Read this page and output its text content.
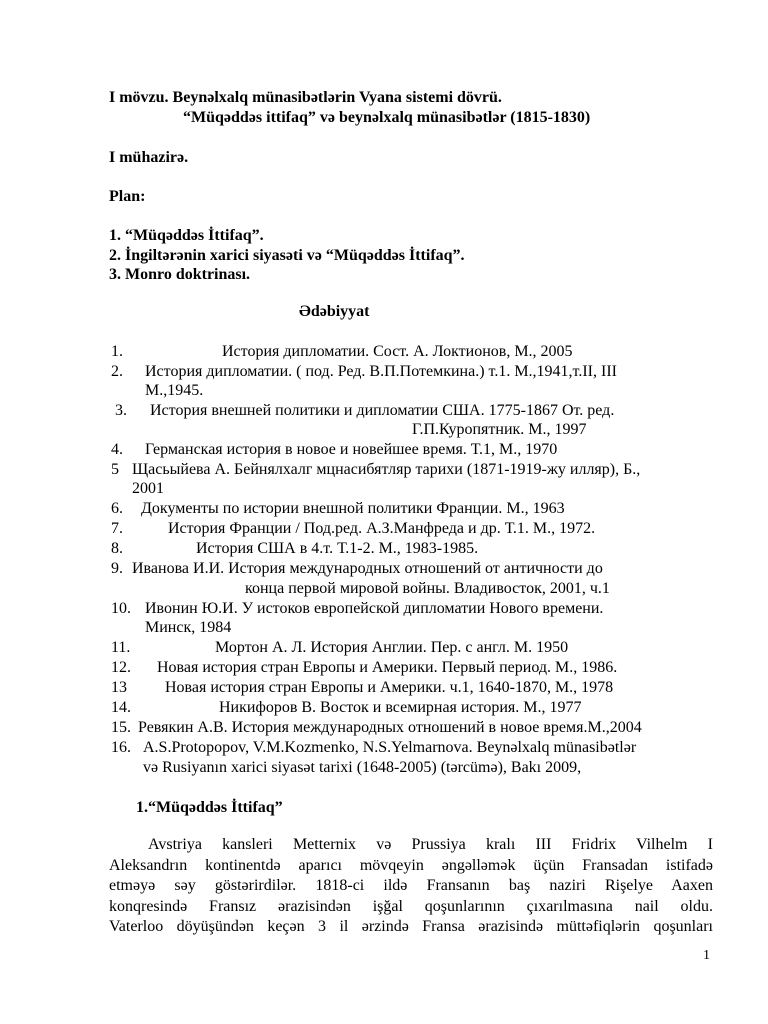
I mövzu. Beynəlxalq münasibətlərin Vyana sistemi dövrü.
“Müqəddəs ittifaq” və beynəlxalq münasibətlər (1815-1830)
I mühazirə.
Plan:
1. “Müqəddəs İttifaq”.
2. İngiltərənin xarici siyasəti və “Müqəddəs İttifaq”.
3. Monro doktrinası.
Ədəbiyyat
1.	История дипломатии. Сост. А. Локтионов, М., 2005
2. История дипломатии. ( под. Ред. В.П.Потемкина.) т.1. М.,1941,т.II, III
М.,1945.
3. История внешней политики и дипломатии США. 1775-1867 От. ред.
Г.П.Куропятник. М., 1997
4. Германская история в новое и новейшее время. Т.1, М., 1970
5 Щасьыйева А. Бейнялхалг мцнасибятляр тарихи (1871-1919-жу илляр), Б.,
2001
6. Документы по истории внешной политики Франции. М., 1963
7.	История Франции / Под.ред. А.З.Манфреда и др. Т.1. М., 1972.
8.	История США в 4.т. Т.1-2. М., 1983-1985.
9. Иванова И.И. История международных отношений от античности до
конца первой мировой войны. Владивосток, 2001, ч.1
10. Ивонин Ю.И. У истоков европейской дипломатии Нового времени.
Минск, 1984
11.	Мортон А. Л. История Англии. Пер. с англ. М. 1950
12. Новая история стран Европы и Америки. Первый период. М., 1986.
13 Новая история стран Европы и Америки. ч.1, 1640-1870, М., 1978
14.	Никифоров В. Восток и всемирная история. М., 1977
15. Ревякин А.В. История международных отношений в новое время.М.,2004
16. A.S.Protopopov, V.M.Kozmenko, N.S.Yelmarnova. Beynəlxalq münasibətlər
və Rusiyanın xarici siyasət tarixi (1648-2005) (tərcümə), Bakı 2009,
1.“Müqəddəs İttifaq”
Avstriya kansleri Metternix və Prussiya kralı III Fridrix Vilhelm I
Aleksandrın kontinentdə aparıcı mövqeyin əngəlləmək üçün Fransadan istifadə
etməyə səy göstərirdilər. 1818-ci ildə Fransanın baş naziri Rişelye Aaxen
konqresində Fransız ərazisindən işğal qoşunlarının çıxarılmasına nail oldu.
Vaterloo döyüşündən keçən 3 il ərzində Fransa ərazisində müttəfiqlərin qoşunları
1
